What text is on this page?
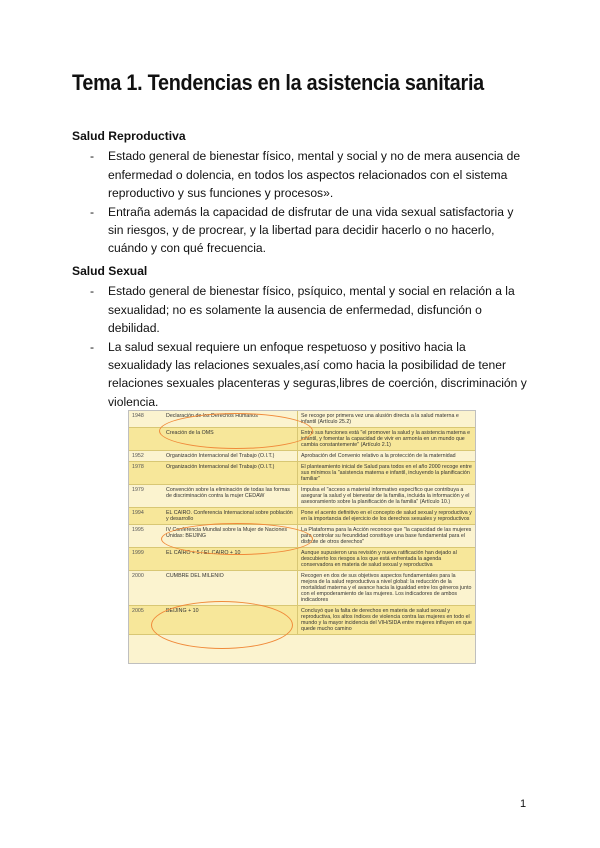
Tema 1. Tendencias en la asistencia sanitaria
Salud Reproductiva
- Estado general de bienestar físico, mental y social y no de mera ausencia de enfermedad o dolencia, en todos los aspectos relacionados con el sistema reproductivo y sus funciones y procesos».
- Entraña además la capacidad de disfrutar de una vida sexual satisfactoria y sin riesgos, y de procrear, y la libertad para decidir hacerlo o no hacerlo, cuándo y con qué frecuencia.
Salud Sexual
- Estado general de bienestar físico, psíquico, mental y social en relación a la sexualidad; no es solamente la ausencia de enfermedad, disfunción o debilidad.
- La salud sexual requiere un enfoque respetuoso y positivo hacia la sexualidady las relaciones sexuales,así como hacia la posibilidad de tener relaciones sexuales placenteras y seguras,libres de coerción, discriminación y violencia.
1948	Declaración de los Derechos Humanos	Se recoge por primera vez una alusión directa a la salud materna e infantil (Artículo 25.2)
	Creación de la OMS	Entre sus funciones está "el promover la salud y la asistencia materna e infantil, y fomentar la capacidad de vivir en armonía en un mundo que cambia constantemente" (Artículo 2.1)
1952	Organización Internacional del Trabajo (O.I.T.)	Aprobación del Convenio relativo a la protección de la maternidad
1978	Organización Internacional del Trabajo (O.I.T.)	El planteamiento inicial de Salud para todos en el año 2000 recoge entre sus mínimos la "asistencia materna e infantil, incluyendo la planificación familiar"
1979	Convención sobre la eliminación de todas las formas de discriminación contra la mujer CEDAW	Impulsa el "acceso a material informativo específico que contribuya a asegurar la salud y el bienestar de la familia, incluida la información y el asesoramiento sobre la planificación de la familia" (Artículo 10.)
1994	EL CAIRO. Conferencia Internacional sobre población y desarrollo	Pone el acento definitivo en el concepto de salud sexual y reproductiva y en la importancia del ejercicio de los derechos sexuales y reproductivos
1995	IV Conferencia Mundial sobre la Mujer de Naciones Unidas: BEIJING	La Plataforma para la Acción reconoce que "la capacidad de las mujeres para controlar su fecundidad constituye una base fundamental para el disfrute de otros derechos"
1999	EL CAIRO + 5 / EL CAIRO + 10	Aunque supusieron una revisión y nueva ratificación han dejado al descubierto los riesgos a los que está enfrentada la agenda conservadora en materia de salud sexual y reproductiva
2000	CUMBRE DEL MILENIO	Recogen en dos de sus objetivos aspectos fundamentales para la mejora de la salud reproductiva a nivel global: la reducción de la mortalidad materna y el avance hacia la igualdad entre los géneros junto con el empoderamiento de las mujeres. Los indicadores de ambos indicadores
2005	BEIJING + 10	Concluyó que la falta de derechos en materia de salud sexual y reproductiva, los altos índices de violencia contra las mujeres en todo el mundo y la mayor incidencia del VIH/SIDA entre mujeres influyen en que quede mucho camino
1
